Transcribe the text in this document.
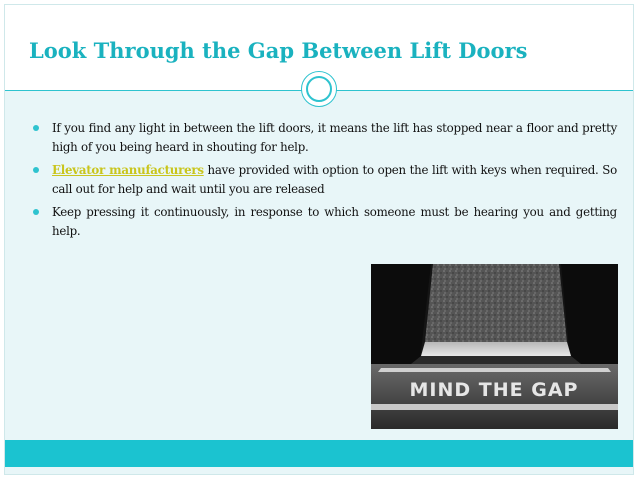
Look Through the Gap Between Lift Doors
If you find any light in between the lift doors, it means the lift has stopped near a floor and pretty high of you being heard in shouting for help.
Elevator manufacturers have provided with option to open the lift with keys when required. So call out for help and wait until you are released
Keep pressing it continuously, in response to which someone must be hearing you and getting help.
MIND THE GAP
